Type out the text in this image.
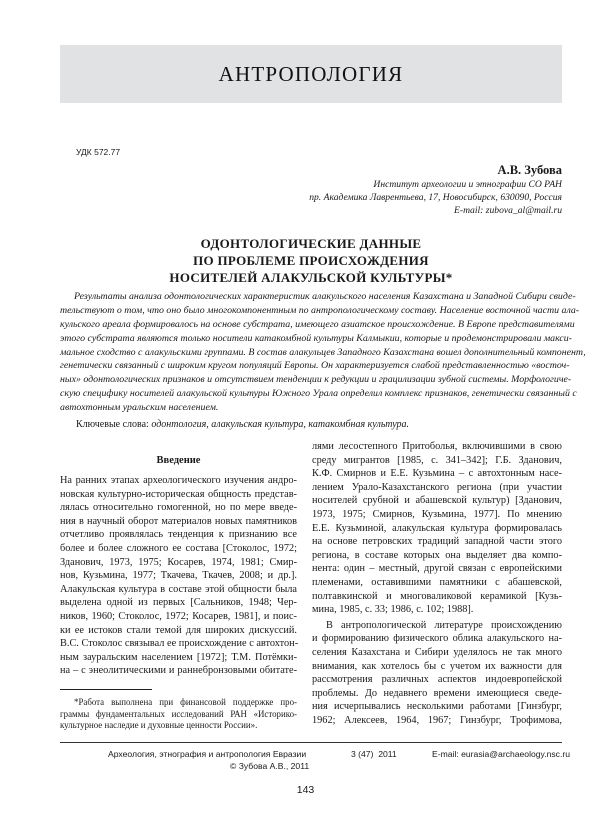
АНТРОПОЛОГИЯ
УДК 572.77
А.В. Зубова
Институт археологии и этнографии СО РАН
пр. Академика Лаврентьева, 17, Новосибирск, 630090, Россия
E-mail: zubova_al@mail.ru
ОДОНТОЛОГИЧЕСКИЕ ДАННЫЕ
ПО ПРОБЛЕМЕ ПРОИСХОЖДЕНИЯ
НОСИТЕЛЕЙ АЛАКУЛЬСКОЙ КУЛЬТУРЫ*
Результаты анализа одонтологических характеристик алакульского населения Казахстана и Западной Сибири свиде-
тельствуют о том, что оно было многокомпонентным по антропологическому составу. Население восточной части ала-
кульского ареала формировалось на основе субстрата, имеющего азиатское происхождение. В Европе представителями
этого субстрата являются только носители катакомбной культуры Калмыкии, которые и продемонстрировали макси-
мальное сходство с алакульскими группами. В состав алакульцев Западного Казахстана вошел дополнительный компонент,
генетически связанный с широким кругом популяций Европы. Он характеризуется слабой представленностью «восточ-
ных» одонтологических признаков и отсутствием тенденции к редукции и грацилизации зубной системы. Морфологиче-
скую специфику носителей алакульской культуры Южного Урала определил комплекс признаков, генетически связанный с
автохтонным уральским населением.
Ключевые слова: одонтология, алакульская культура, катакомбная культура.
Введение
На ранних этапах археологического изучения андро-
новская культурно-историческая общность представ-
лялась относительно гомогенной, но по мере введе-
ния в научный оборот материалов новых памятников
отчетливо проявлялась тенденция к признанию все
более и более сложного ее состава [Стоколос, 1972;
Зданович, 1973, 1975; Косарев, 1974, 1981; Смир-
нов, Кузьмина, 1977; Ткачева, Ткачев, 2008; и др.].
Алакульская культура в составе этой общности была
выделена одной из первых [Сальников, 1948; Чер-
ников, 1960; Стоколос, 1972; Косарев, 1981], и поис-
ки ее истоков стали темой для широких дискуссий.
В.С. Стоколос связывал ее происхождение с автохтон-
ным зауральским населением [1972]; Т.М. Потёмки-
на – с энеолитическими и раннебронзовыми обитате-
*Работа выполнена при финансовой поддержке про-
граммы фундаментальных исследований РАН «Историко-
культурное наследие и духовные ценности России».
лями лесостепного Притоболья, включившими в свою
среду мигрантов [1985, с. 341–342]; Г.Б. Зданович,
К.Ф. Смирнов и Е.Е. Кузьмина – с автохтонным насе-
лением Урало-Казахстанского региона (при участии
носителей срубной и абашевской культур) [Зданович,
1973, 1975; Смирнов, Кузьмина, 1977]. По мнению
Е.Е. Кузьминой, алакульская культура формировалась
на основе петровских традиций западной части этого
региона, в составе которых она выделяет два компо-
нента: один – местный, другой связан с европейскими
племенами, оставившими памятники с абашевской,
полтавкинской и многоваликовой керамикой [Кузь-
мина, 1985, с. 33; 1986, с. 102; 1988].
В антропологической литературе происхождению
и формированию физического облика алакульского на-
селения Казахстана и Сибири уделялось не так много
внимания, как хотелось бы с учетом их важности для
рассмотрения различных аспектов индоевропейской
проблемы. До недавнего времени имеющиеся сведе-
ния исчерпывались несколькими работами [Гинзбург,
1962; Алексеев, 1964, 1967; Гинзбург, Трофимова,
Археология, этнография и антропология Евразии	3 (47)  2011	E-mail: eurasia@archaeology.nsc.ru
© Зубова А.В., 2011
143
